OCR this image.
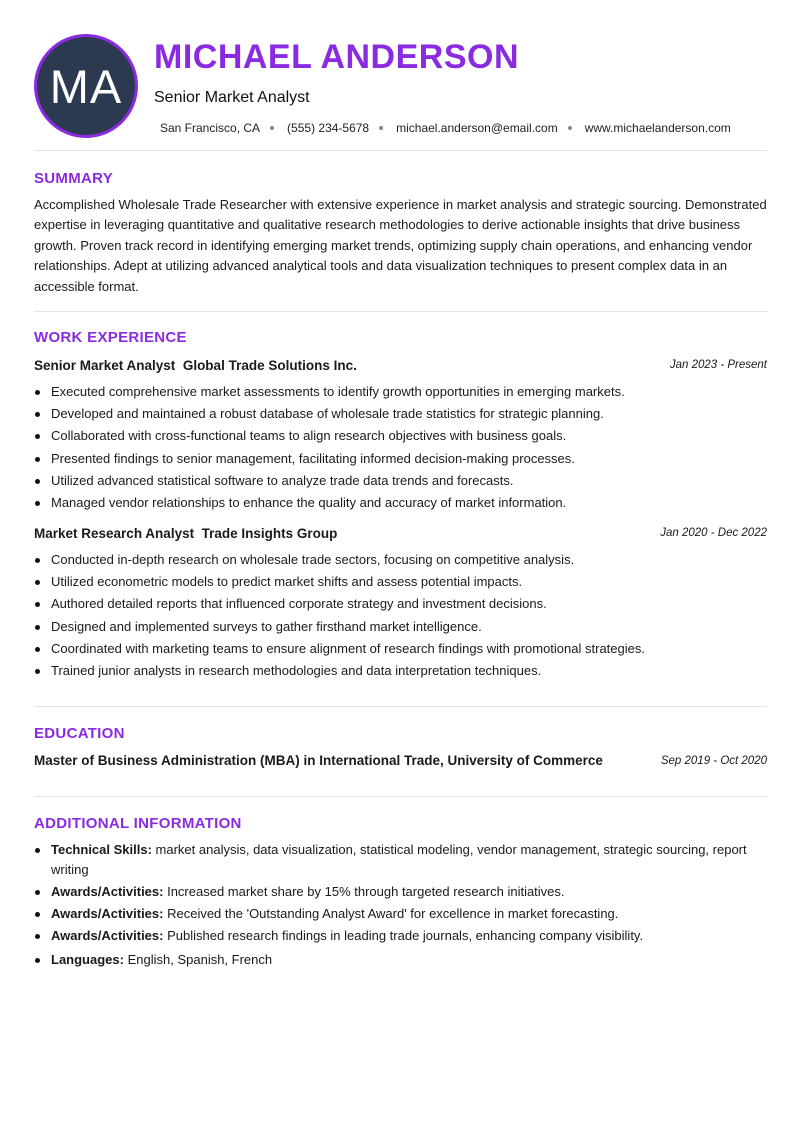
MA
MICHAEL ANDERSON
Senior Market Analyst
San Francisco, CA (555) 234-5678 michael.anderson@email.com www.michaelanderson.com
SUMMARY
Accomplished Wholesale Trade Researcher with extensive experience in market analysis and strategic sourcing. Demonstrated expertise in leveraging quantitative and qualitative research methodologies to derive actionable insights that drive business growth. Proven track record in identifying emerging market trends, optimizing supply chain operations, and enhancing vendor relationships. Adept at utilizing advanced analytical tools and data visualization techniques to present complex data in an accessible format.
WORK EXPERIENCE
Senior Market Analyst Global Trade Solutions Inc.	Jan 2023 - Present
Executed comprehensive market assessments to identify growth opportunities in emerging markets.
Developed and maintained a robust database of wholesale trade statistics for strategic planning.
Collaborated with cross-functional teams to align research objectives with business goals.
Presented findings to senior management, facilitating informed decision-making processes.
Utilized advanced statistical software to analyze trade data trends and forecasts.
Managed vendor relationships to enhance the quality and accuracy of market information.
Market Research Analyst Trade Insights Group	Jan 2020 - Dec 2022
Conducted in-depth research on wholesale trade sectors, focusing on competitive analysis.
Utilized econometric models to predict market shifts and assess potential impacts.
Authored detailed reports that influenced corporate strategy and investment decisions.
Designed and implemented surveys to gather firsthand market intelligence.
Coordinated with marketing teams to ensure alignment of research findings with promotional strategies.
Trained junior analysts in research methodologies and data interpretation techniques.
EDUCATION
Master of Business Administration (MBA) in International Trade, University of Commerce	Sep 2019 - Oct 2020
ADDITIONAL INFORMATION
Technical Skills: market analysis, data visualization, statistical modeling, vendor management, strategic sourcing, report writing
Awards/Activities: Increased market share by 15% through targeted research initiatives.
Awards/Activities: Received the 'Outstanding Analyst Award' for excellence in market forecasting.
Awards/Activities: Published research findings in leading trade journals, enhancing company visibility.
Languages: English, Spanish, French
